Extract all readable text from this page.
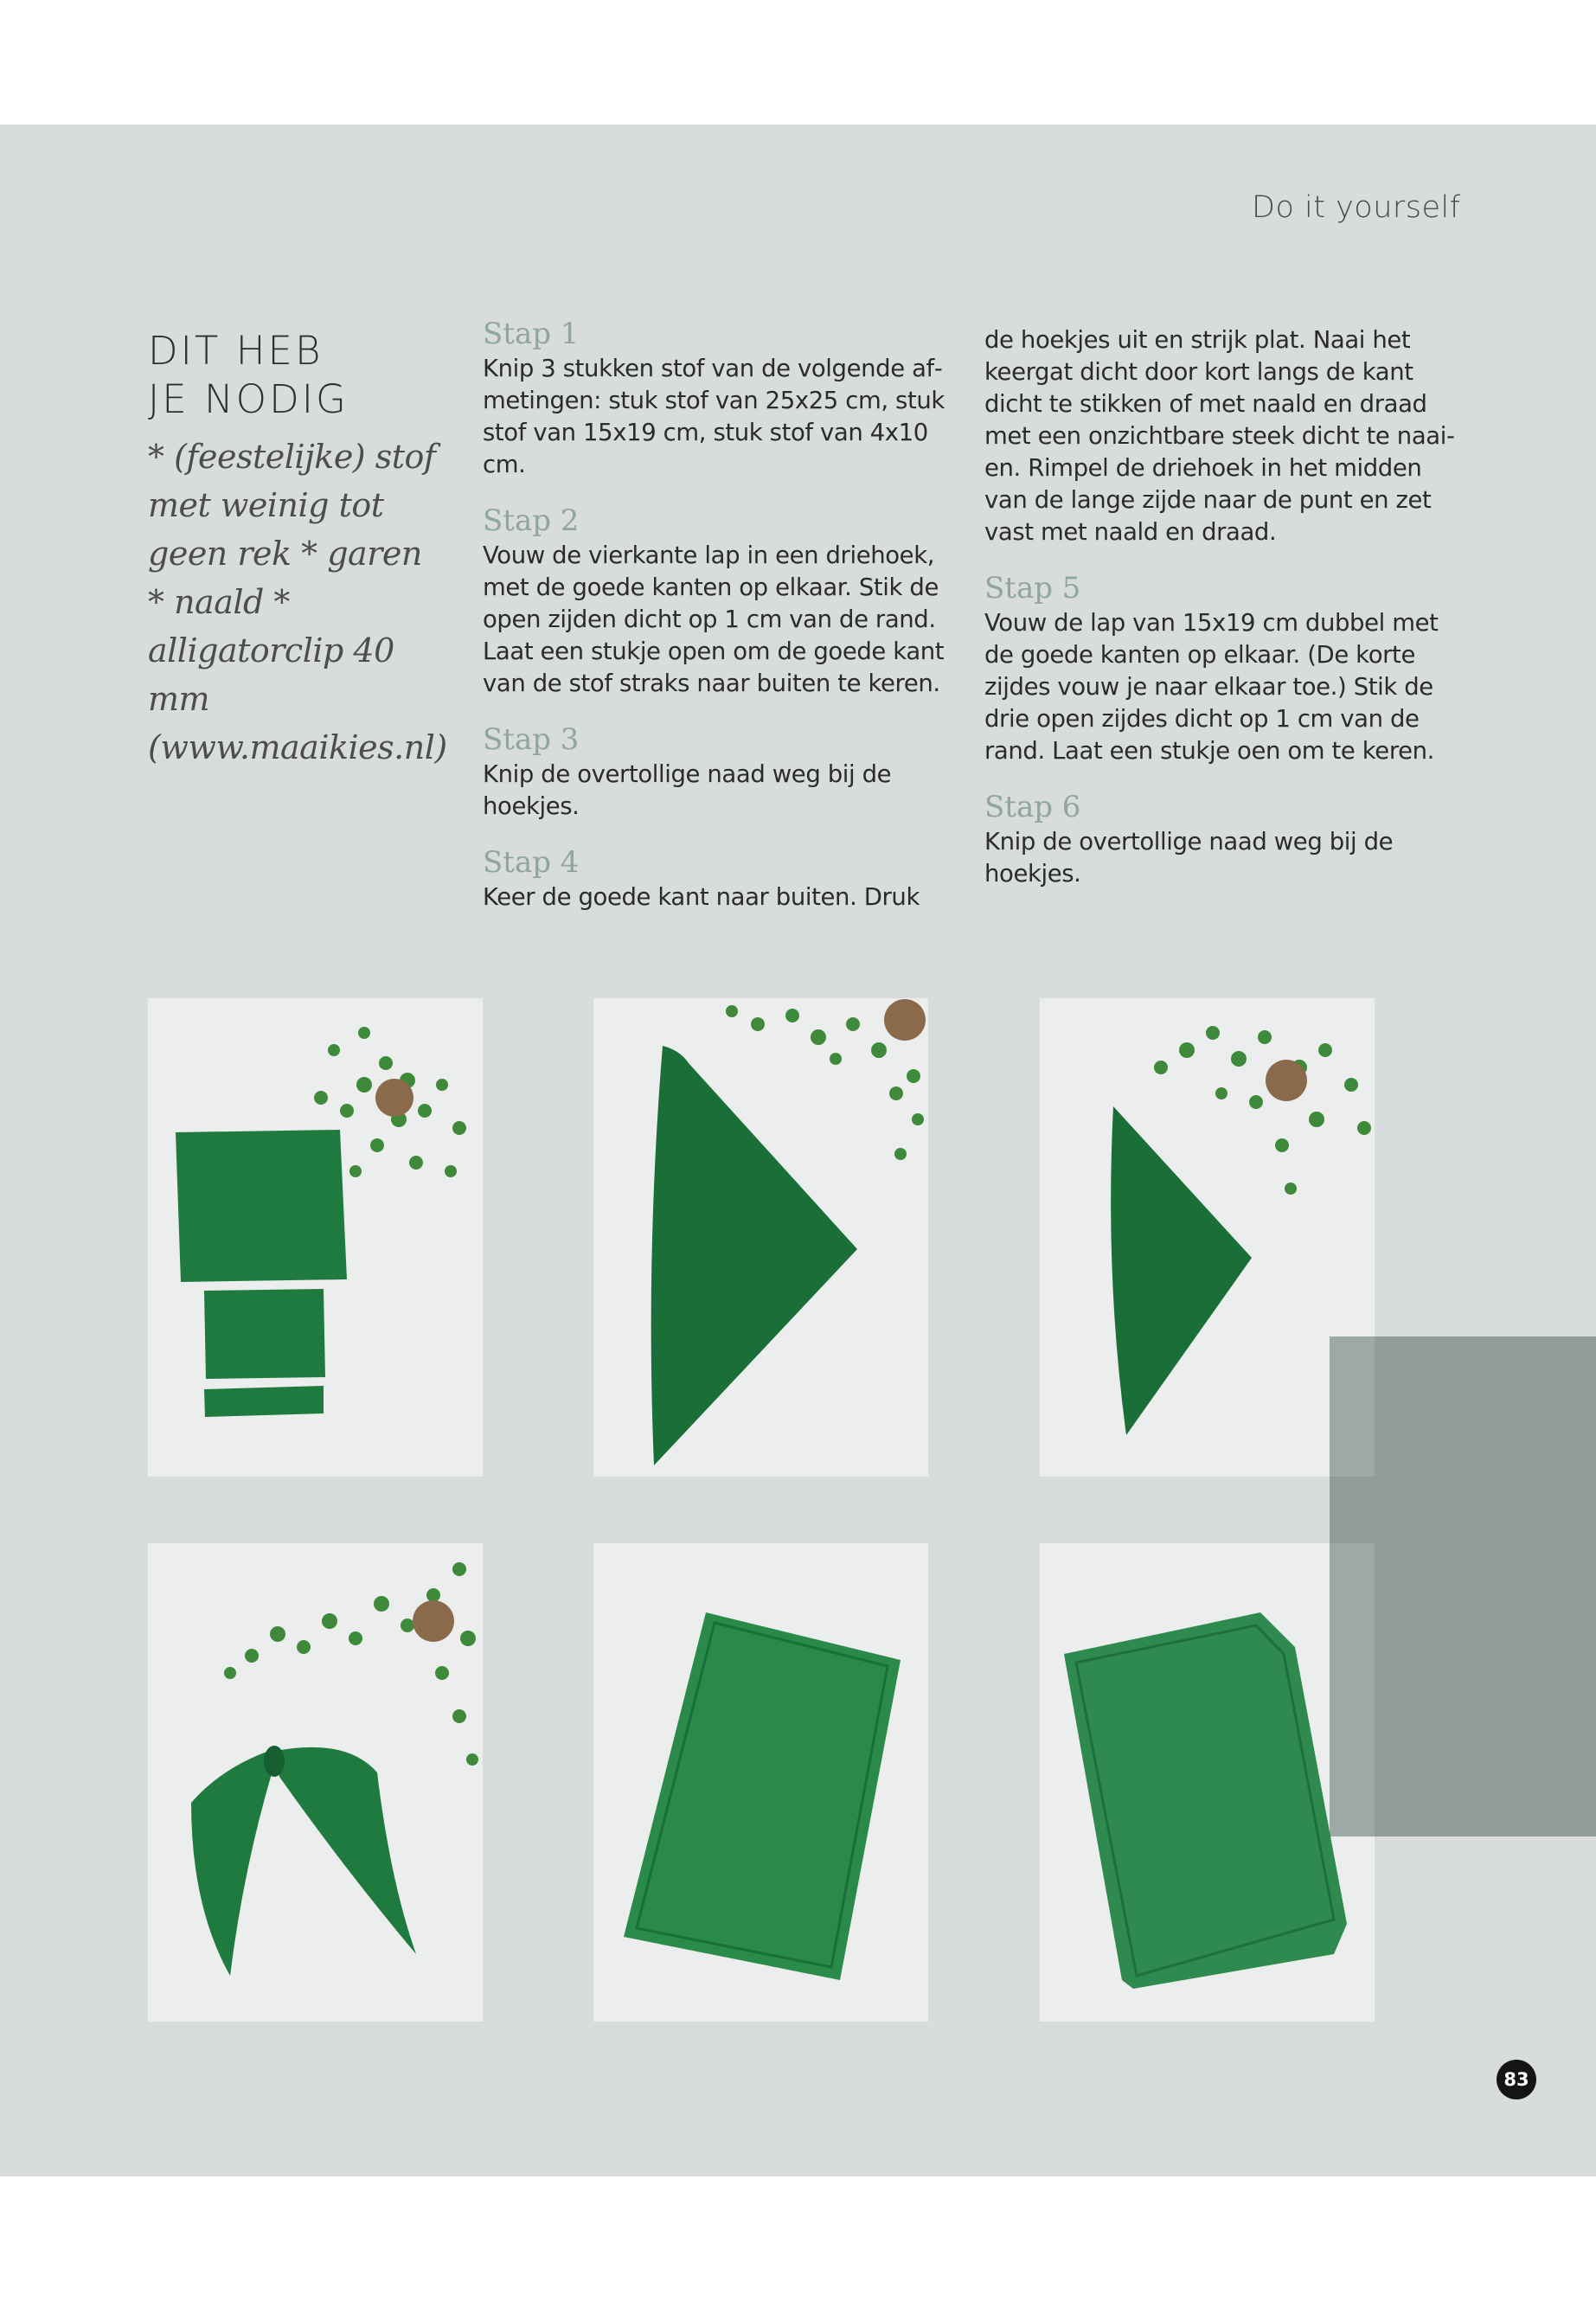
Do it yourself
DIT HEB
JE NODIG
* (feestelijke) stof met weinig tot geen rek * garen * naald * alligatorclip 40 mm (www.maaikies.nl)
Stap 1
Knip 3 stukken stof van de volgende afmetingen: stuk stof van 25x25 cm, stuk stof van 15x19 cm, stuk stof van 4x10 cm.
Stap 2
Vouw de vierkante lap in een driehoek, met de goede kanten op elkaar. Stik de open zijden dicht op 1 cm van de rand. Laat een stukje open om de goede kant van de stof straks naar buiten te keren.
Stap 3
Knip de overtollige naad weg bij de hoekjes.
Stap 4
Keer de goede kant naar buiten. Druk
de hoekjes uit en strijk plat. Naai het keergat dicht door kort langs de kant dicht te stikken of met naald en draad met een onzichtbare steek dicht te naaien. Rimpel de driehoek in het midden van de lange zijde naar de punt en zet vast met naald en draad.
Stap 5
Vouw de lap van 15x19 cm dubbel met de goede kanten op elkaar. (De korte zijdes vouw je naar elkaar toe.) Stik de drie open zijdes dicht op 1 cm van de rand. Laat een stukje oen om te keren.
Stap 6
Knip de overtollige naad weg bij de hoekjes.
83
